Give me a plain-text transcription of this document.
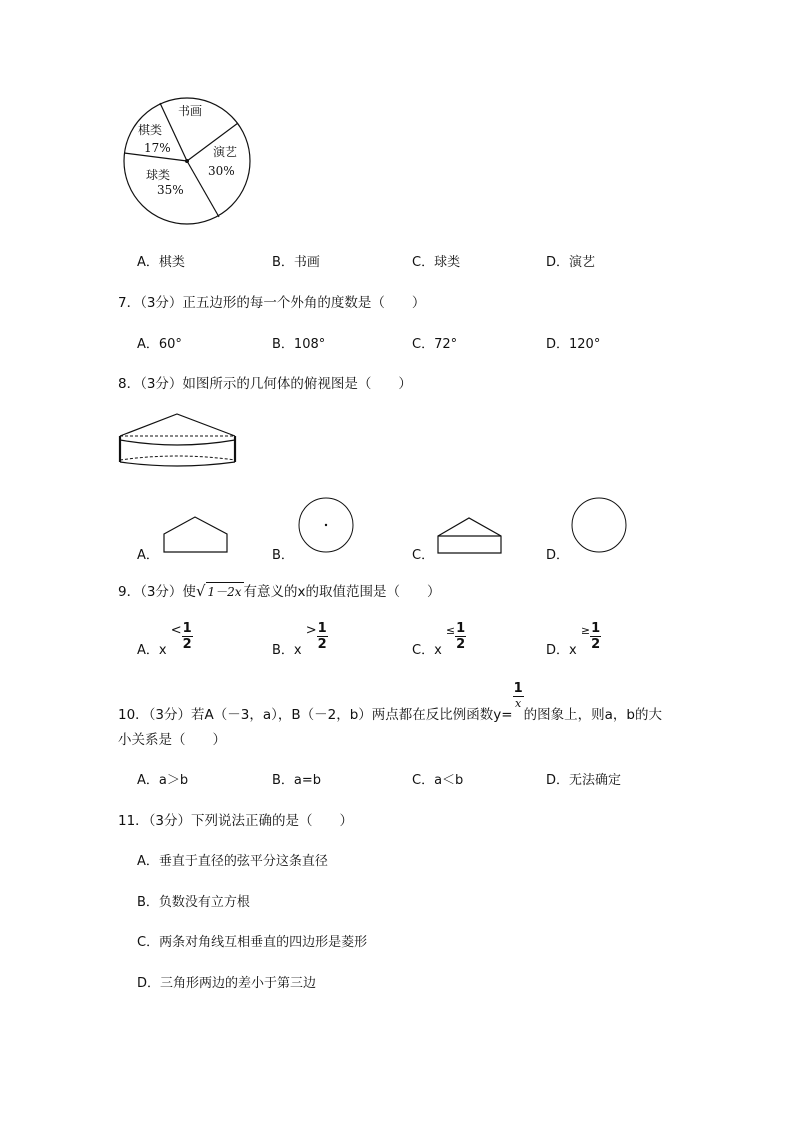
书画
棋类
17%
球类
35%
演艺
30%
A．棋类	B．书画	C．球类	D．演艺
7．（3分）正五边形的每一个外角的度数是（　　）
A．60°	B．108°	C．72°	D．120°
8．（3分）如图所示的几何体的俯视图是（　　）
A．	B．	C．	D．
9．（3分）使√ 1－2x 有意义的x的取值范围是（　　）
A．$x < \frac{1}{2}$	B．$x > \frac{1}{2}$	C．x $^\le \frac{1}{2}$	D．x $^\ge \frac{1}{2}$
10．（3分）若A（－3，a），B（－2，b）两点都在反比例函数y=
$\frac{1}{x}$
的图象上，则a，b的大
小关系是（　　）
A．a＞b	B．a=b	C．a＜b	D．无法确定
11．（3分）下列说法正确的是（　　）
A．垂直于直径的弦平分这条直径
B．负数没有立方根
C．两条对角线互相垂直的四边形是菱形
D．三角形两边的差小于第三边
